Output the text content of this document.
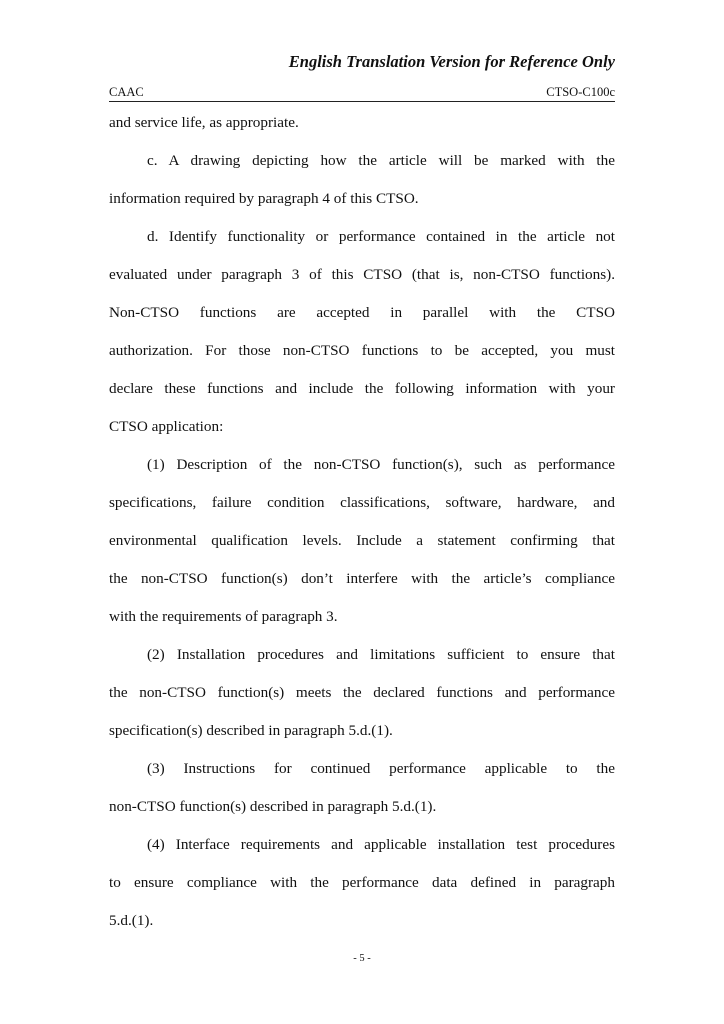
English Translation Version for Reference Only
CAAC	CTSO-C100c
and service life, as appropriate.
c. A drawing depicting how the article will be marked with the
information required by paragraph 4 of this CTSO.
d. Identify functionality or performance contained in the article not
evaluated under paragraph 3 of this CTSO (that is, non-CTSO functions).
Non-CTSO functions are accepted in parallel with the CTSO
authorization. For those non-CTSO functions to be accepted, you must
declare these functions and include the following information with your
CTSO application:
(1) Description of the non-CTSO function(s), such as performance
specifications, failure condition classifications, software, hardware, and
environmental qualification levels. Include a statement confirming that
the non-CTSO function(s) don’t interfere with the article’s compliance
with the requirements of paragraph 3.
(2) Installation procedures and limitations sufficient to ensure that
the non-CTSO function(s) meets the declared functions and performance
specification(s) described in paragraph 5.d.(1).
(3) Instructions for continued performance applicable to the
non-CTSO function(s) described in paragraph 5.d.(1).
(4) Interface requirements and applicable installation test procedures
to ensure compliance with the performance data defined in paragraph
5.d.(1).
- 5 -
